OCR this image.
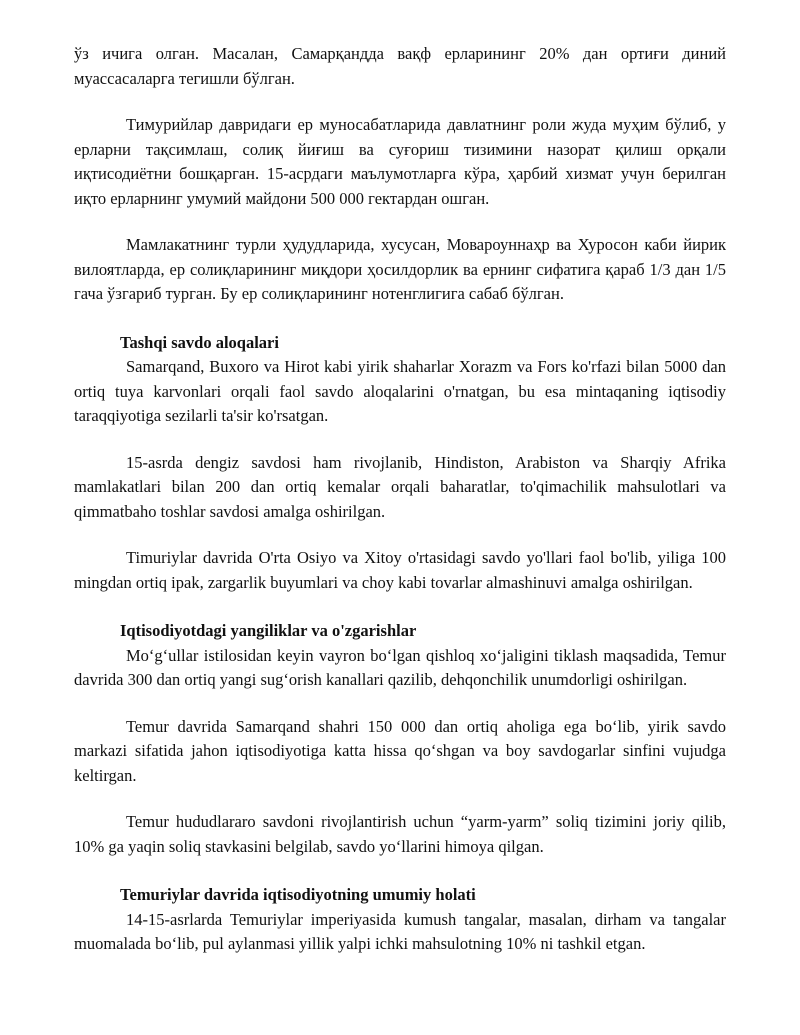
ўз ичига олган. Масалан, Самарқандда вақф ерларининг 20% дан ортиғи диний муассасаларга тегишли бўлган.

Тимурийлар давридаги ер муносабатларида давлатнинг роли жуда муҳим бўлиб, у ерларни тақсимлаш, солиқ йиғиш ва суғориш тизимини назорат қилиш орқали иқтисодиётни бошқарган. 15-асрдаги маълумотларга кўра, ҳарбий хизмат учун берилган иқто ерларнинг умумий майдони 500 000 гектардан ошган.

Мамлакатнинг турли ҳудудларида, хусусан, Мовароуннаҳр ва Хуросон каби йирик вилоятларда, ер солиқларининг миқдори ҳосилдорлик ва ернинг сифатига қараб 1/3 дан 1/5 гача ўзгариб турган. Бу ер солиқларининг нотенглигига сабаб бўлган.

Tashqi savdo aloqalari

Samarqand, Buxoro va Hirot kabi yirik shaharlar Xorazm va Fors ko'rfazi bilan 5000 dan ortiq tuya karvonlari orqali faol savdo aloqalarini o'rnatgan, bu esa mintaqaning iqtisodiy taraqqiyotiga sezilarli ta'sir ko'rsatgan.

15-asrda dengiz savdosi ham rivojlanib, Hindiston, Arabiston va Sharqiy Afrika mamlakatlari bilan 200 dan ortiq kemalar orqali baharatlar, to'qimachilik mahsulotlari va qimmatbaho toshlar savdosi amalga oshirilgan.

Timuriylar davrida O'rta Osiyo va Xitoy o'rtasidagi savdo yo'llari faol bo'lib, yiliga 100 mingdan ortiq ipak, zargarlik buyumlari va choy kabi tovarlar almashinuvi amalga oshirilgan.

Iqtisodiyotdagi yangiliklar va o'zgarishlar

Mo‘g‘ullar istilosidan keyin vayron bo‘lgan qishloq xo‘jaligini tiklash maqsadida, Temur davrida 300 dan ortiq yangi sug‘orish kanallari qazilib, dehqonchilik unumdorligi oshirilgan.

Temur davrida Samarqand shahri 150 000 dan ortiq aholiga ega bo‘lib, yirik savdo markazi sifatida jahon iqtisodiyotiga katta hissa qo‘shgan va boy savdogarlar sinfini vujudga keltirgan.

Temur hududlararo savdoni rivojlantirish uchun “yarm-yarm” soliq tizimini joriy qilib, 10% ga yaqin soliq stavkasini belgilab, savdo yo‘llarini himoya qilgan.

Temuriylar davrida iqtisodiyotning umumiy holati

14-15-asrlarda Temuriylar imperiyasida kumush tangalar, masalan, dirham va tangalar muomalada bo‘lib, pul aylanmasi yillik yalpi ichki mahsulotning 10% ni tashkil etgan.
